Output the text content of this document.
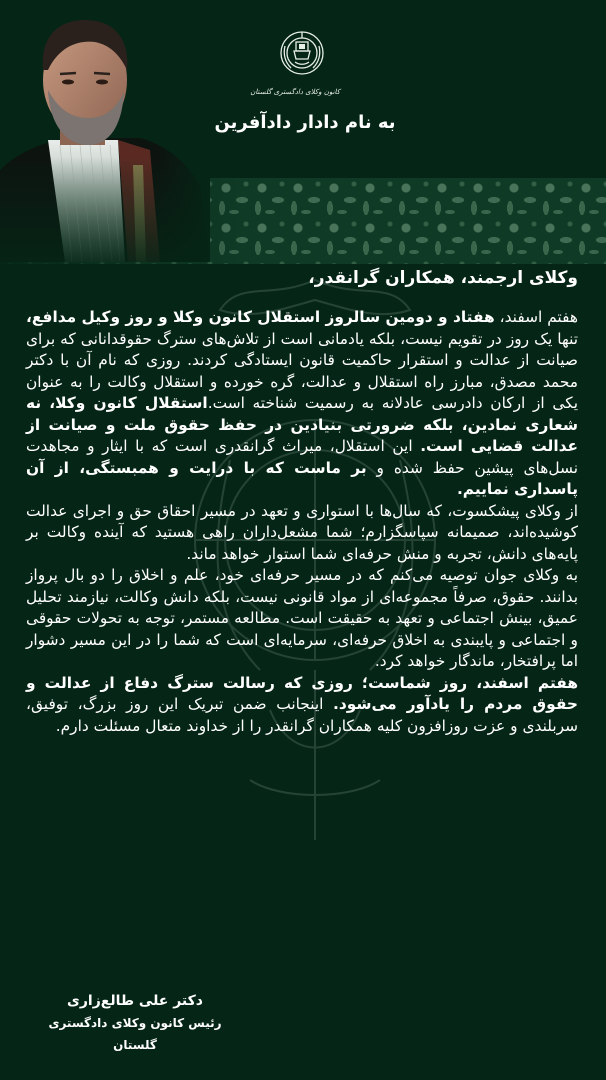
کانون وکلای دادگستری گلستان
به نام دادار دادآفرین
وکلای ارجمند، همکاران گرانقدر،

هفتم اسفند، هفتاد و دومین سالروز استقلال کانون وکلا و روز وکیل مدافع، تنها یک روز در تقویم نیست، بلکه یادمانی است از تلاش‌های سترگ حقوقدانانی که برای صیانت از عدالت و استقرار حاکمیت قانون ایستادگی کردند. روزی که نام آن با دکتر محمد مصدق، مبارز راه استقلال و عدالت، گره خورده و استقلال وکالت را به عنوان یکی از ارکان دادرسی عادلانه به رسمیت شناخته است.استقلال کانون وکلا، نه شعاری نمادین، بلکه ضرورتی بنیادین در حفظ حقوق ملت و صیانت از عدالت قضایی است. این استقلال، میراث گرانقدری است که با ایثار و مجاهدت نسل‌های پیشین حفظ شده و بر ماست که با درایت و همبستگی، از آن پاسداری نماییم.

از وکلای پیشکسوت، که سال‌ها با استواری و تعهد در مسیر احقاق حق و اجرای عدالت کوشیده‌اند، صمیمانه سپاسگزارم؛ شما مشعل‌داران راهی هستید که آینده وکالت بر پایه‌های دانش، تجربه و منش حرفه‌ای شما استوار خواهد ماند.

به وکلای جوان توصیه می‌کنم که در مسیر حرفه‌ای خود، علم و اخلاق را دو بال پرواز بدانند. حقوق، صرفاً مجموعه‌ای از مواد قانونی نیست، بلکه دانش وکالت، نیازمند تحلیل عمیق، بینش اجتماعی و تعهد به حقیقت است. مطالعه مستمر، توجه به تحولات حقوقی و اجتماعی و پایبندی به اخلاق حرفه‌ای، سرمایه‌ای است که شما را در این مسیر دشوار اما پرافتخار، ماندگار خواهد کرد.

هفتم اسفند، روز شماست؛ روزی که رسالت سترگ دفاع از عدالت و حقوق مردم را یادآور می‌شود. اینجانب ضمن تبریک این روز بزرگ، توفیق، سربلندی و عزت روزافزون کلیه همکاران گرانقدر را از خداوند متعال مسئلت دارم.

دکتر علی طالع‌زاری
رئیس کانون وکلای دادگستری گلستان
